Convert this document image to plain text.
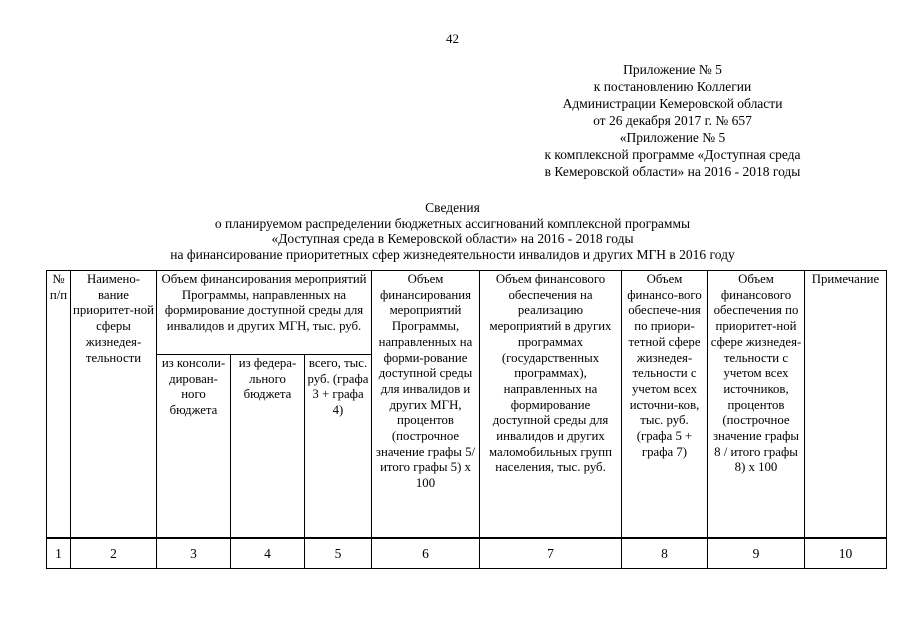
42
Приложение № 5
к постановлению Коллегии
Администрации Кемеровской области
от 26 декабря 2017 г. № 657
«Приложение № 5
к комплексной программе «Доступная среда
в Кемеровской области» на 2016 - 2018 годы
Сведения
о планируемом распределении бюджетных ассигнований комплексной программы
«Доступная среда в Кемеровской области» на 2016 - 2018 годы
на финансирование приоритетных сфер жизнедеятельности инвалидов и других МГН в 2016 году
№ п/п	Наимено-вание приоритет-ной сферы жизнедея-тельности	Объем финансирования мероприятий Программы, направленных на формирование доступной среды для инвалидов и других МГН, тыс. руб.			Объем финансирования мероприятий Программы, направленных на форми-рование доступной среды для инвалидов и других МГН, процентов (построчное значение графы 5/итого графы 5) х 100	Объем финансового обеспечения на реализацию мероприятий в других программах (государственных программах), направленных на формирование доступной среды для инвалидов и других маломобильных групп населения, тыс. руб.	Объем финансо-вого обеспече-ния по приори-тетной сфере жизнедея-тельности с учетом всех источни-ков, тыс. руб. (графа 5 + графа 7)	Объем финансового обеспечения по приоритет-ной сфере жизнедея-тельности с учетом всех источников, процентов (построчное значение графы 8 / итого графы 8) х 100	Примечание
		из консоли-дирован-ного бюджета	из федера-льного бюджета	всего, тыс. руб. (графа 3 + графа 4)					
1	2	3	4	5	6	7	8	9	10
